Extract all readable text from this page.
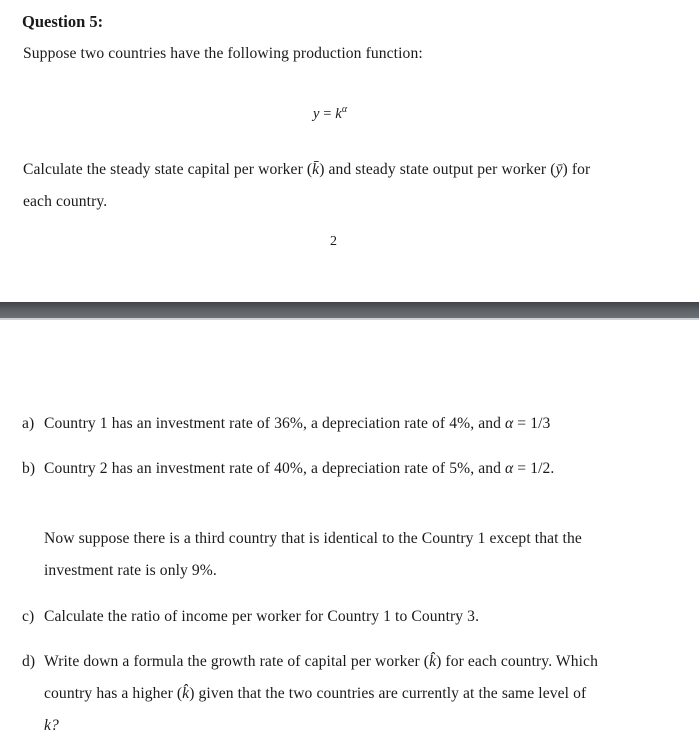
Question 5:
Suppose two countries have the following production function:
$y = k^\alpha$
Calculate the steady state capital per worker (k̄) and steady state output per worker (ȳ) for
each country.
2
a) Country 1 has an investment rate of 36%, a depreciation rate of 4%, and α = 1/3
b) Country 2 has an investment rate of 40%, a depreciation rate of 5%, and α = 1/2.
Now suppose there is a third country that is identical to the Country 1 except that the
investment rate is only 9%.
c) Calculate the ratio of income per worker for Country 1 to Country 3.
d) Write down a formula the growth rate of capital per worker (k̂) for each country. Which
country has a higher (k̂) given that the two countries are currently at the same level of
k?
